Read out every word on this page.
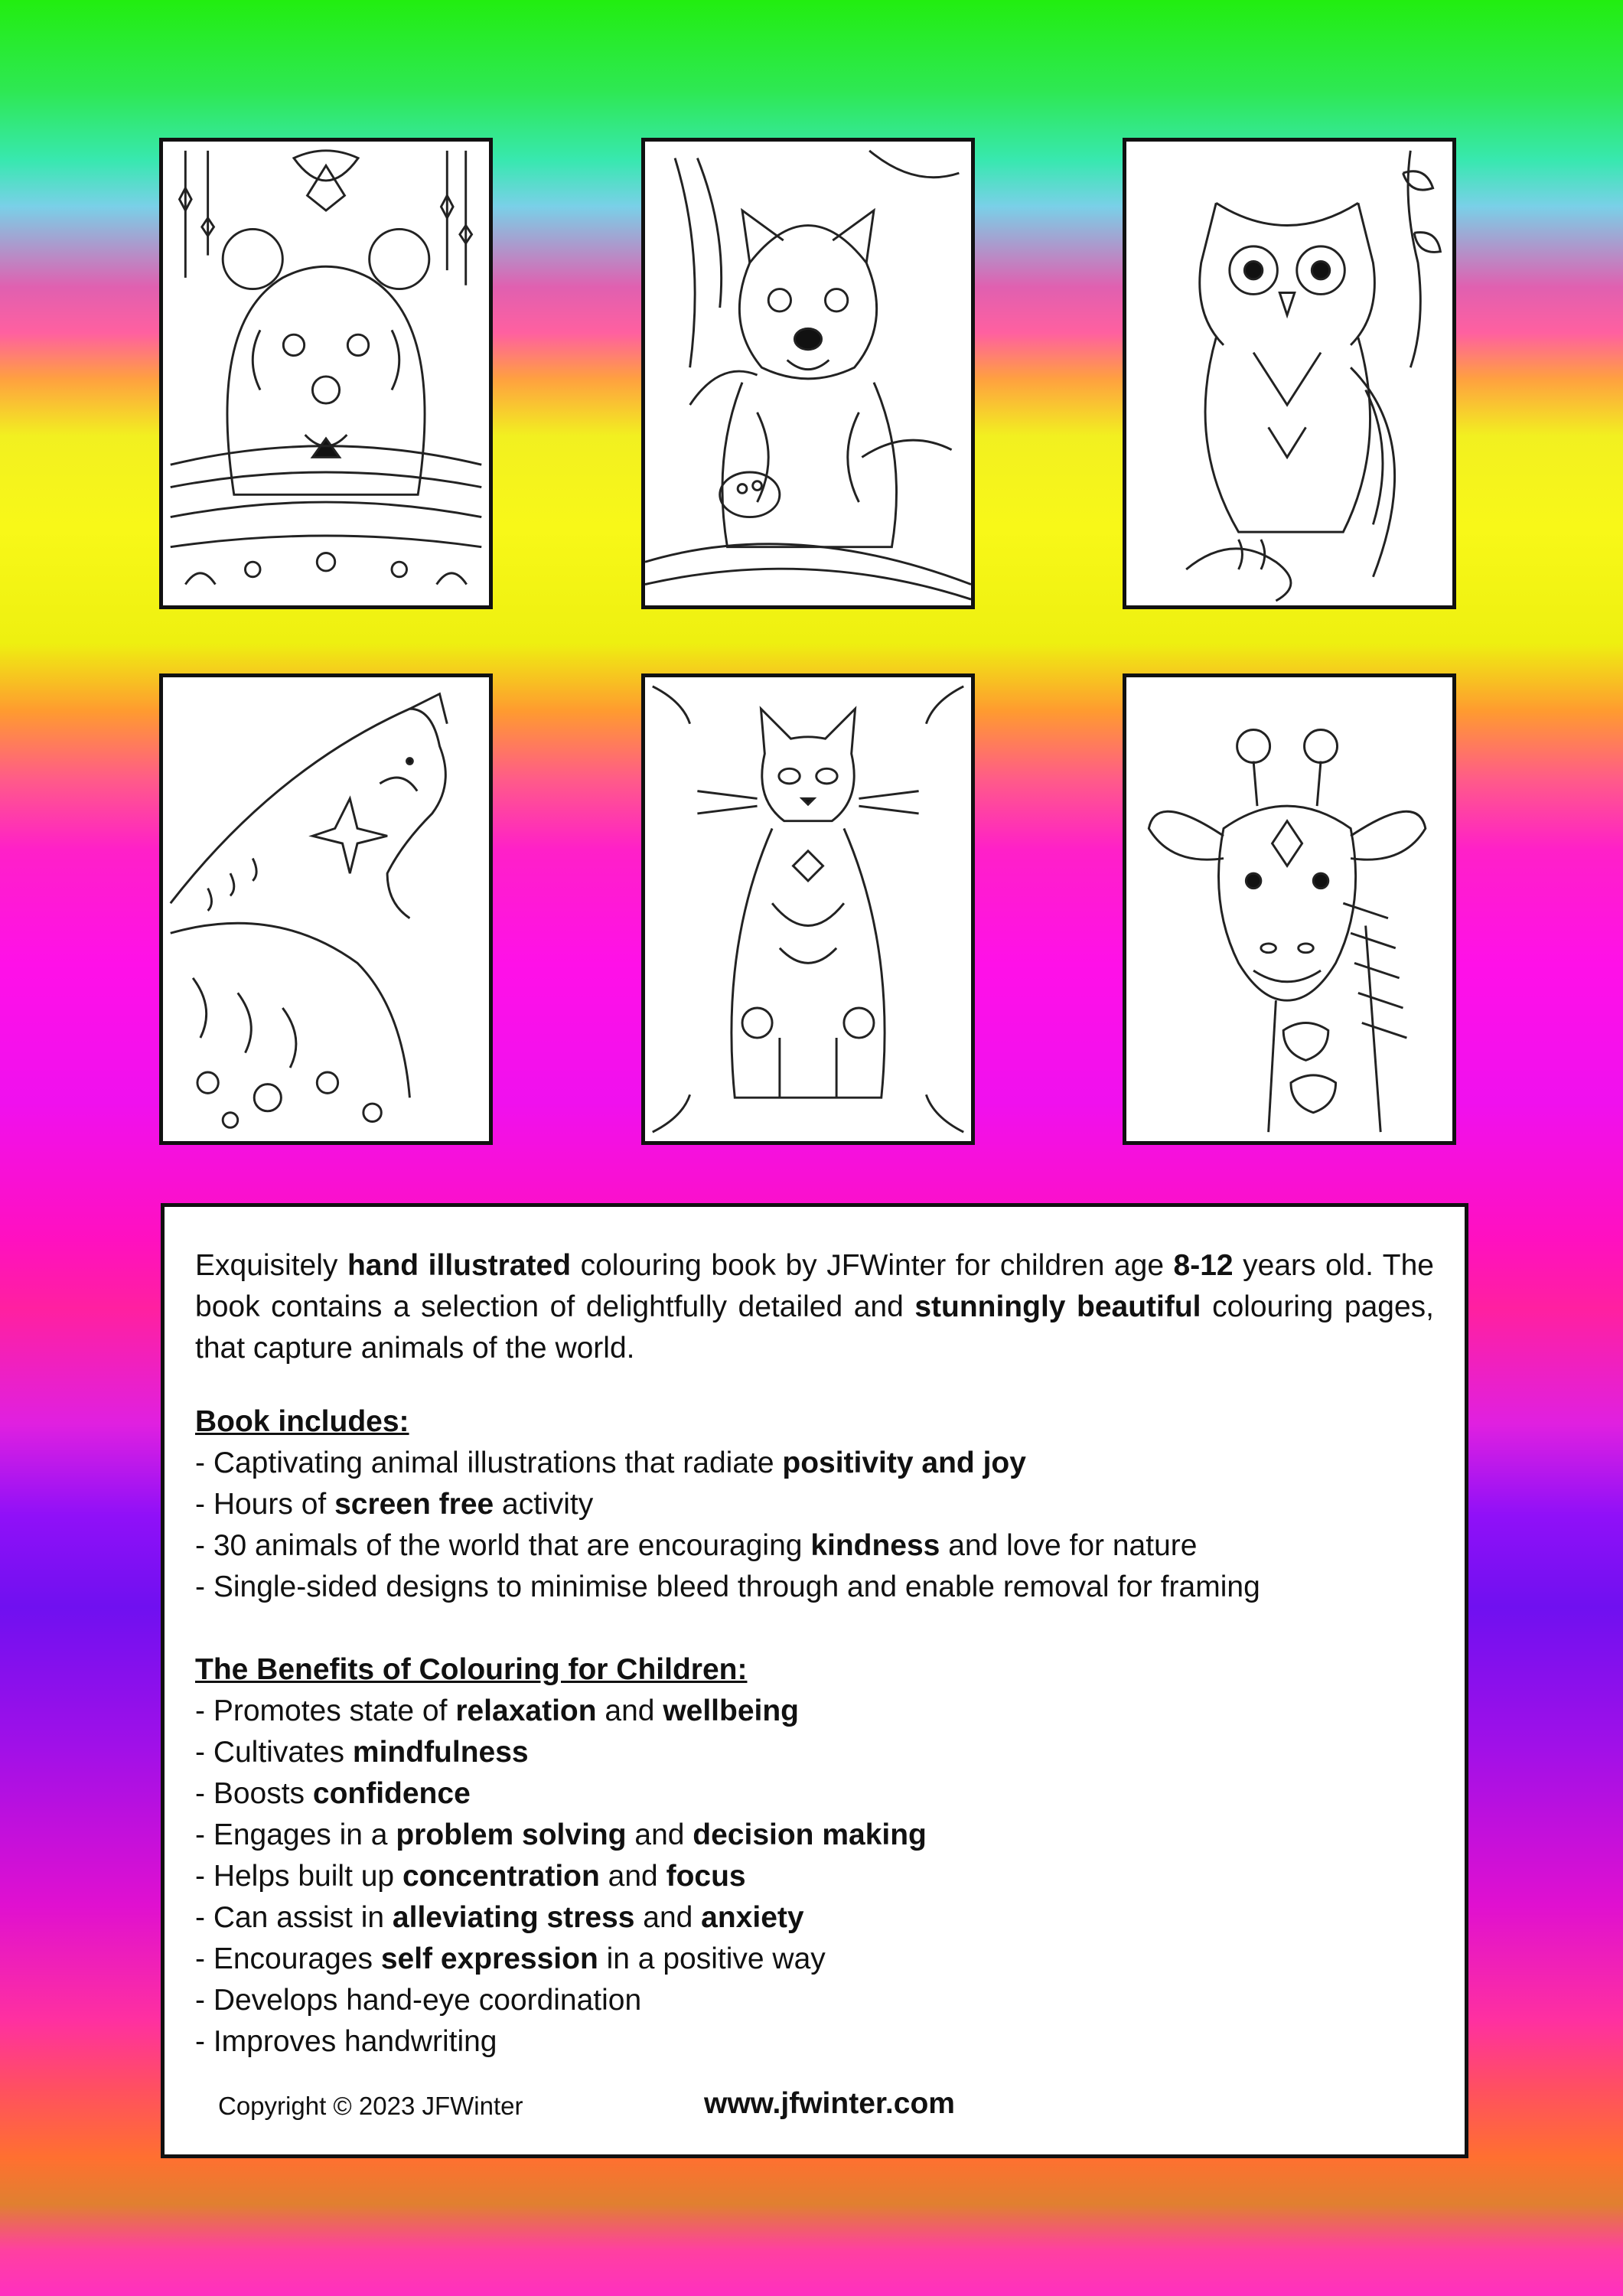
Exquisitely hand illustrated colouring book by JFWinter for children age 8-12 years old. The book contains a selection of delightfully detailed and stunningly beautiful colouring pages, that capture animals of the world.

Book includes:

- Captivating animal illustrations that radiate positivity and joy
- Hours of screen free activity
- 30 animals of the world that are encouraging kindness and love for nature
- Single-sided designs to minimise bleed through and enable removal for framing

The Benefits of Colouring for Children:

- Promotes state of relaxation and wellbeing
- Cultivates mindfulness
- Boosts confidence
- Engages in a problem solving and decision making
- Helps built up concentration and focus
- Can assist in alleviating stress and anxiety
- Encourages self expression in a positive way
- Develops hand-eye coordination
- Improves handwriting
Copyright © 2023 JFWinter	www.jfwinter.com
